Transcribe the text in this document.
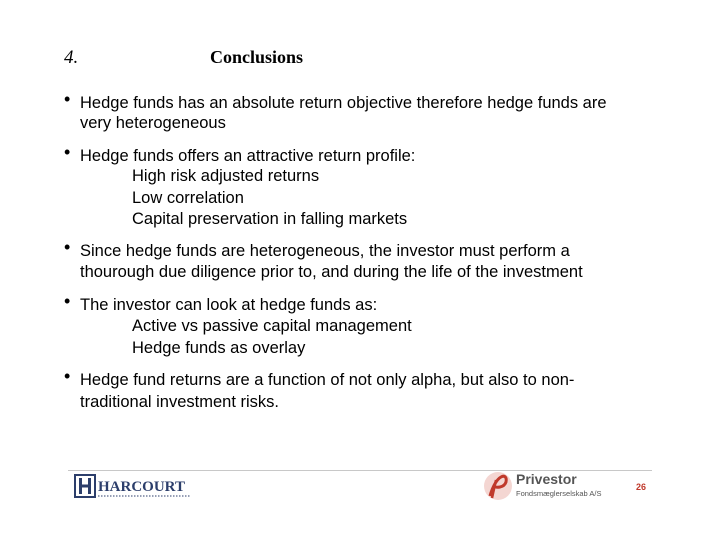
4.	Conclusions
• Hedge funds has an absolute return objective therefore hedge funds are
very heterogeneous
• Hedge funds offers an attractive return profile:
High risk adjusted returns
Low correlation
Capital preservation in falling markets
• Since hedge funds are heterogeneous, the investor must perform a
thourough due diligence prior to, and during the life of the investment
• The investor can look at hedge funds as:
Active vs passive capital management
Hedge funds as overlay
• Hedge fund returns are a function of not only alpha, but also to non-
traditional investment risks.
HARCOURT	Privestor
Fondsmæglerselskab A/S
26
